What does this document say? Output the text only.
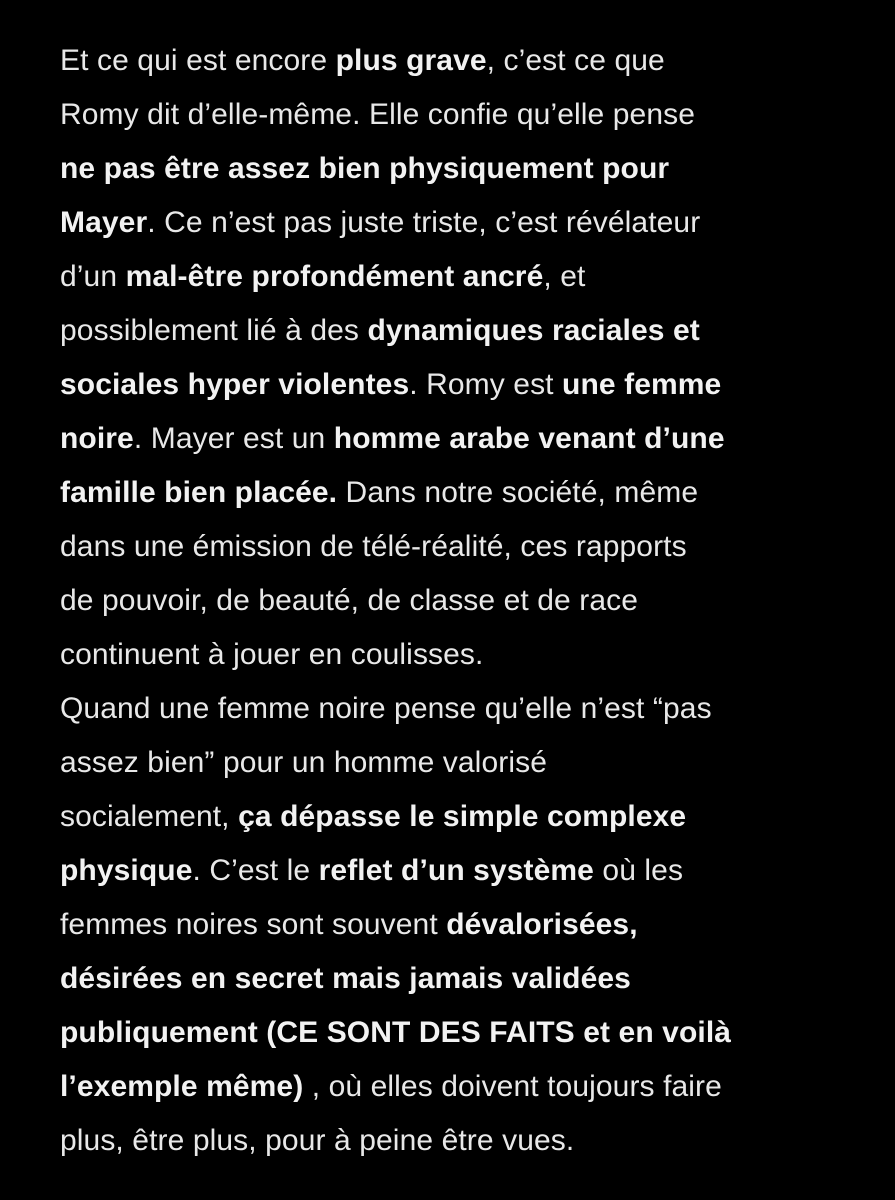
Et ce qui est encore plus grave, c’est ce que
Romy dit d’elle-même. Elle confie qu’elle pense
ne pas être assez bien physiquement pour
Mayer. Ce n’est pas juste triste, c’est révélateur
d’un mal-être profondément ancré, et
possiblement lié à des dynamiques raciales et
sociales hyper violentes. Romy est une femme
noire. Mayer est un homme arabe venant d’une
famille bien placée. Dans notre société, même
dans une émission de télé-réalité, ces rapports
de pouvoir, de beauté, de classe et de race
continuent à jouer en coulisses.
Quand une femme noire pense qu’elle n’est “pas
assez bien” pour un homme valorisé
socialement, ça dépasse le simple complexe
physique. C’est le reflet d’un système où les
femmes noires sont souvent dévalorisées,
désirées en secret mais jamais validées
publiquement (CE SONT DES FAITS et en voilà
l’exemple même) , où elles doivent toujours faire
plus, être plus, pour à peine être vues.
